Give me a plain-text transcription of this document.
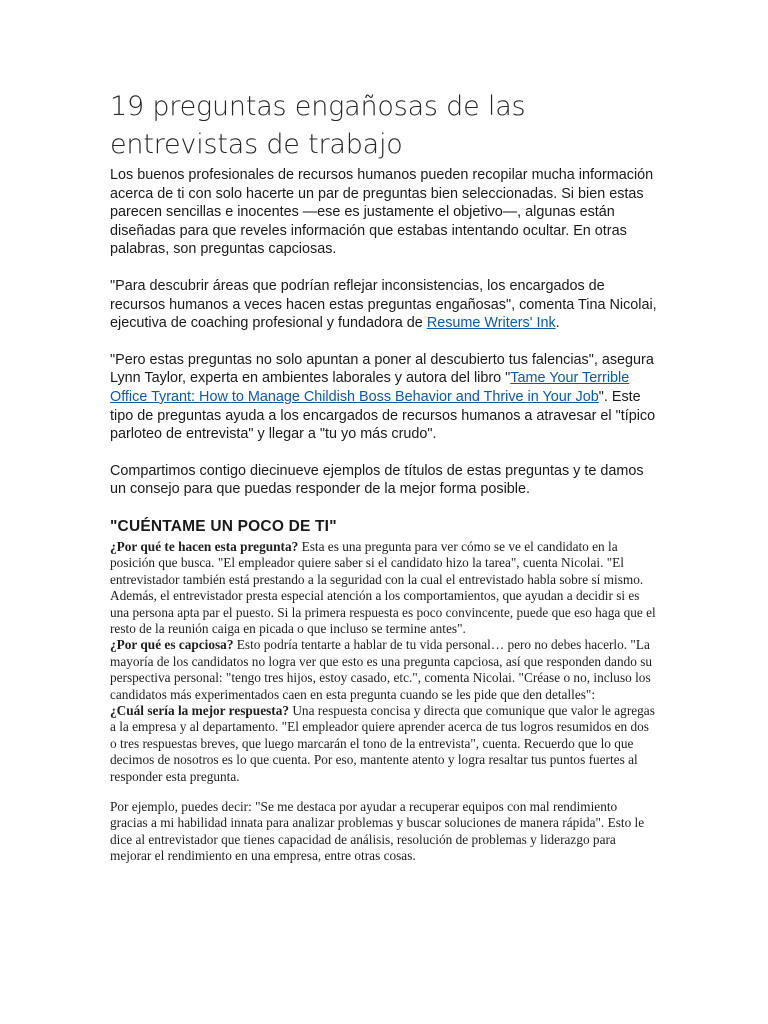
19 preguntas engañosas de las entrevistas de trabajo

Los buenos profesionales de recursos humanos pueden recopilar mucha información acerca de ti con solo hacerte un par de preguntas bien seleccionadas. Si bien estas parecen sencillas e inocentes —ese es justamente el objetivo—, algunas están diseñadas para que reveles información que estabas intentando ocultar. En otras palabras, son preguntas capciosas.

"Para descubrir áreas que podrían reflejar inconsistencias, los encargados de recursos humanos a veces hacen estas preguntas engañosas", comenta Tina Nicolai, ejecutiva de coaching profesional y fundadora de Resume Writers' Ink.

"Pero estas preguntas no solo apuntan a poner al descubierto tus falencias", asegura Lynn Taylor, experta en ambientes laborales y autora del libro "Tame Your Terrible Office Tyrant: How to Manage Childish Boss Behavior and Thrive in Your Job". Este tipo de preguntas ayuda a los encargados de recursos humanos a atravesar el "típico parloteo de entrevista" y llegar a "tu yo más crudo".

Compartimos contigo diecinueve ejemplos de títulos de estas preguntas y te damos un consejo para que puedas responder de la mejor forma posible.

"CUÉNTAME UN POCO DE TI"

¿Por qué te hacen esta pregunta? Esta es una pregunta para ver cómo se ve el candidato en la posición que busca. "El empleador quiere saber si el candidato hizo la tarea", cuenta Nicolai. "El entrevistador también está prestando a la seguridad con la cual el entrevistado habla sobre sí mismo. Además, el entrevistador presta especial atención a los comportamientos, que ayudan a decidir si es una persona apta par el puesto. Si la primera respuesta es poco convincente, puede que eso haga que el resto de la reunión caiga en picada o que incluso se termine antes".

¿Por qué es capciosa? Esto podría tentarte a hablar de tu vida personal… pero no debes hacerlo. "La mayoría de los candidatos no logra ver que esto es una pregunta capciosa, así que responden dando su perspectiva personal: "tengo tres hijos, estoy casado, etc.", comenta Nicolai. "Créase o no, incluso los candidatos más experimentados caen en esta pregunta cuando se les pide que den detalles":

¿Cuál sería la mejor respuesta? Una respuesta concisa y directa que comunique que valor le agregas a la empresa y al departamento. "El empleador quiere aprender acerca de tus logros resumidos en dos o tres respuestas breves, que luego marcarán el tono de la entrevista", cuenta. Recuerdo que lo que decimos de nosotros es lo que cuenta. Por eso, mantente atento y logra resaltar tus puntos fuertes al responder esta pregunta.

Por ejemplo, puedes decir: "Se me destaca por ayudar a recuperar equipos con mal rendimiento gracias a mi habilidad innata para analizar problemas y buscar soluciones de manera rápida". Esto le dice al entrevistador que tienes capacidad de análisis, resolución de problemas y liderazgo para mejorar el rendimiento en una empresa, entre otras cosas.
